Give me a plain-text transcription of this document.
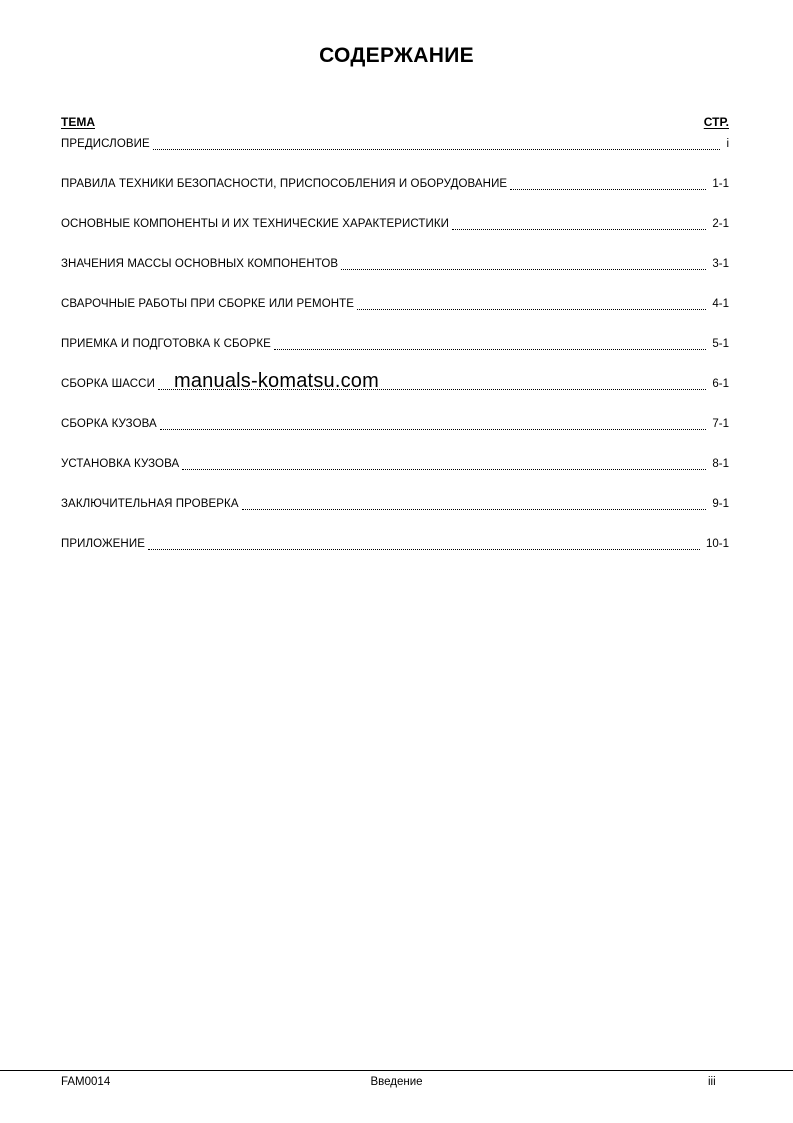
СОДЕРЖАНИЕ
ТЕМА	СТР.
ПРЕДИСЛОВИЕ	i
ПРАВИЛА ТЕХНИКИ БЕЗОПАСНОСТИ, ПРИСПОСОБЛЕНИЯ И ОБОРУДОВАНИЕ	1-1
ОСНОВНЫЕ КОМПОНЕНТЫ И ИХ ТЕХНИЧЕСКИЕ ХАРАКТЕРИСТИКИ	2-1
ЗНАЧЕНИЯ МАССЫ ОСНОВНЫХ КОМПОНЕНТОВ	3-1
СВАРОЧНЫЕ РАБОТЫ ПРИ СБОРКЕ ИЛИ РЕМОНТЕ	4-1
ПРИЕМКА И ПОДГОТОВКА К СБОРКЕ	5-1
СБОРКА ШАССИ	6-1
СБОРКА КУЗОВА	7-1
УСТАНОВКА КУЗОВА	8-1
ЗАКЛЮЧИТЕЛЬНАЯ ПРОВЕРКА	9-1
ПРИЛОЖЕНИЕ	10-1
manuals-komatsu.com
FAM0014	Введение	iii
